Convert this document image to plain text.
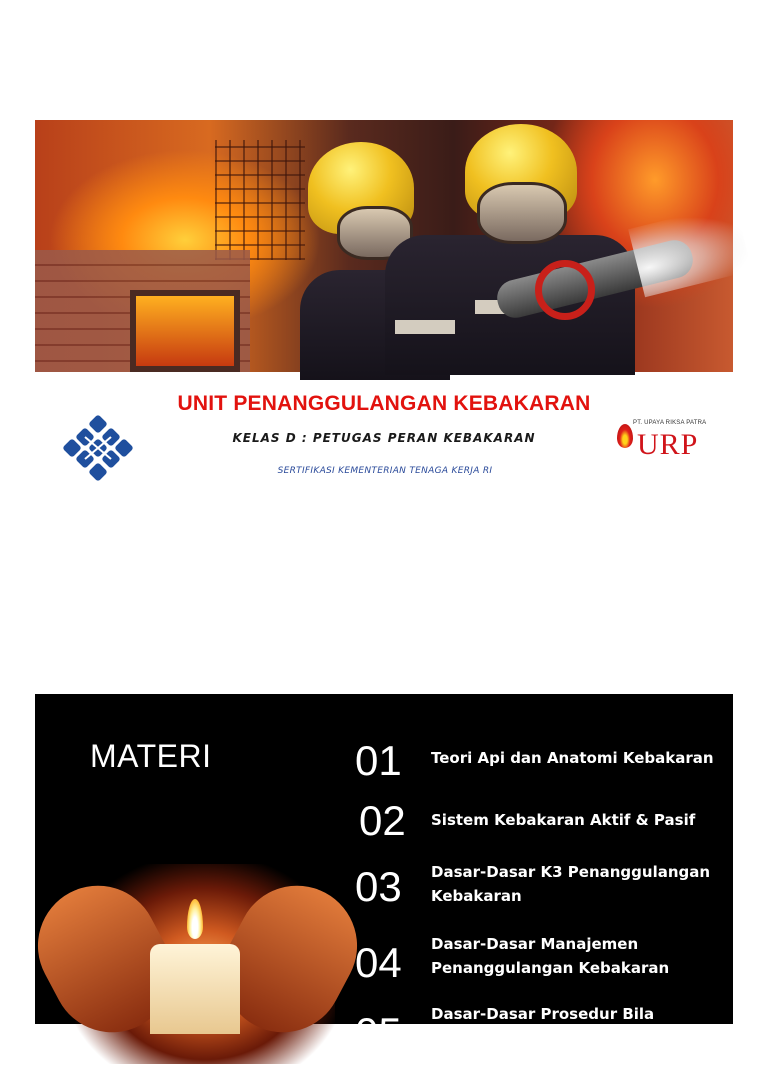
UNIT PENANGGULANGAN KEBAKARAN

KELAS D : PETUGAS PERAN KEBAKARAN

SERTIFIKASI KEMENTERIAN TENAGA KERJA RI

PT. UPAYA RIKSA PATRA
URP
MATERI	01 Teori Api dan Anatomi Kebakaran
02 Sistem Kebakaran Aktif & Pasif
03 Dasar-Dasar K3 Penanggulangan Kebakaran
04 Dasar-Dasar Manajemen Penanggulangan Kebakaran
05 Dasar-Dasar Prosedur Bila
